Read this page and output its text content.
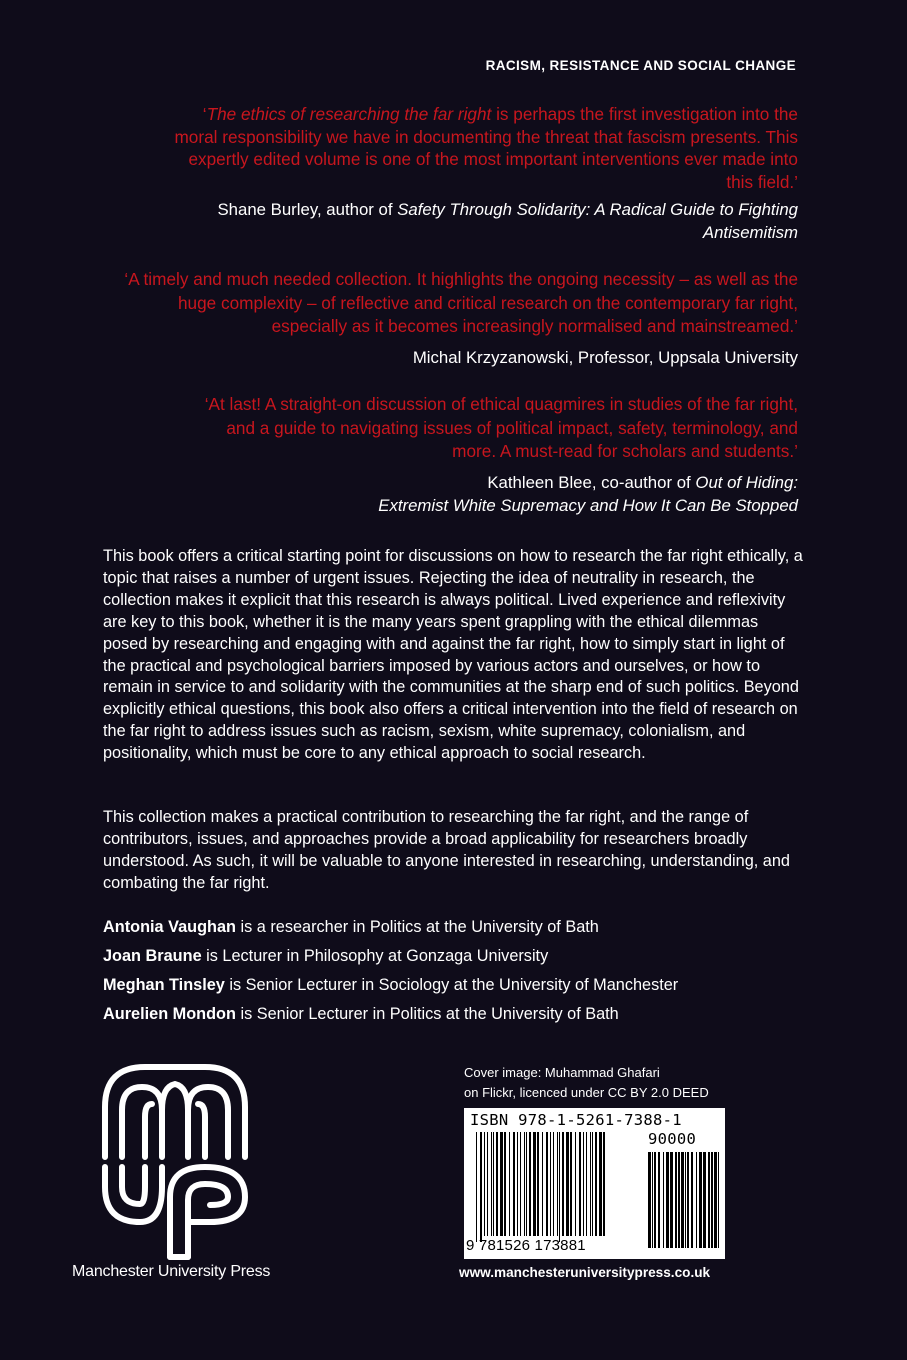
RACISM, RESISTANCE AND SOCIAL CHANGE
‘The ethics of researching the far right is perhaps the first investigation into the moral responsibility we have in documenting the threat that fascism presents. This expertly edited volume is one of the most important interventions ever made into this field.’
Shane Burley, author of Safety Through Solidarity: A Radical Guide to Fighting Antisemitism
‘A timely and much needed collection. It highlights the ongoing necessity – as well as the huge complexity – of reflective and critical research on the contemporary far right, especially as it becomes increasingly normalised and mainstreamed.’
Michal Krzyzanowski, Professor, Uppsala University
‘At last! A straight-on discussion of ethical quagmires in studies of the far right, and a guide to navigating issues of political impact, safety, terminology, and more. A must-read for scholars and students.’
Kathleen Blee, co-author of Out of Hiding:
Extremist White Supremacy and How It Can Be Stopped
This book offers a critical starting point for discussions on how to research the far right ethically, a topic that raises a number of urgent issues. Rejecting the idea of neutrality in research, the collection makes it explicit that this research is always political. Lived experience and reflexivity are key to this book, whether it is the many years spent grappling with the ethical dilemmas posed by researching and engaging with and against the far right, how to simply start in light of the practical and psychological barriers imposed by various actors and ourselves, or how to remain in service to and solidarity with the communities at the sharp end of such politics. Beyond explicitly ethical questions, this book also offers a critical intervention into the field of research on the far right to address issues such as racism, sexism, white supremacy, colonialism, and positionality, which must be core to any ethical approach to social research.
This collection makes a practical contribution to researching the far right, and the range of contributors, issues, and approaches provide a broad applicability for researchers broadly understood. As such, it will be valuable to anyone interested in researching, understanding, and combating the far right.
Antonia Vaughan is a researcher in Politics at the University of Bath
Joan Braune is Lecturer in Philosophy at Gonzaga University
Meghan Tinsley is Senior Lecturer in Sociology at the University of Manchester
Aurelien Mondon is Senior Lecturer in Politics at the University of Bath
Manchester University Press
Cover image: Muhammad Ghafari
on Flickr, licenced under CC BY 2.0 DEED
ISBN 978-1-5261-7388-1
90000
9 781526 173881
www.manchesteruniversitypress.co.uk
